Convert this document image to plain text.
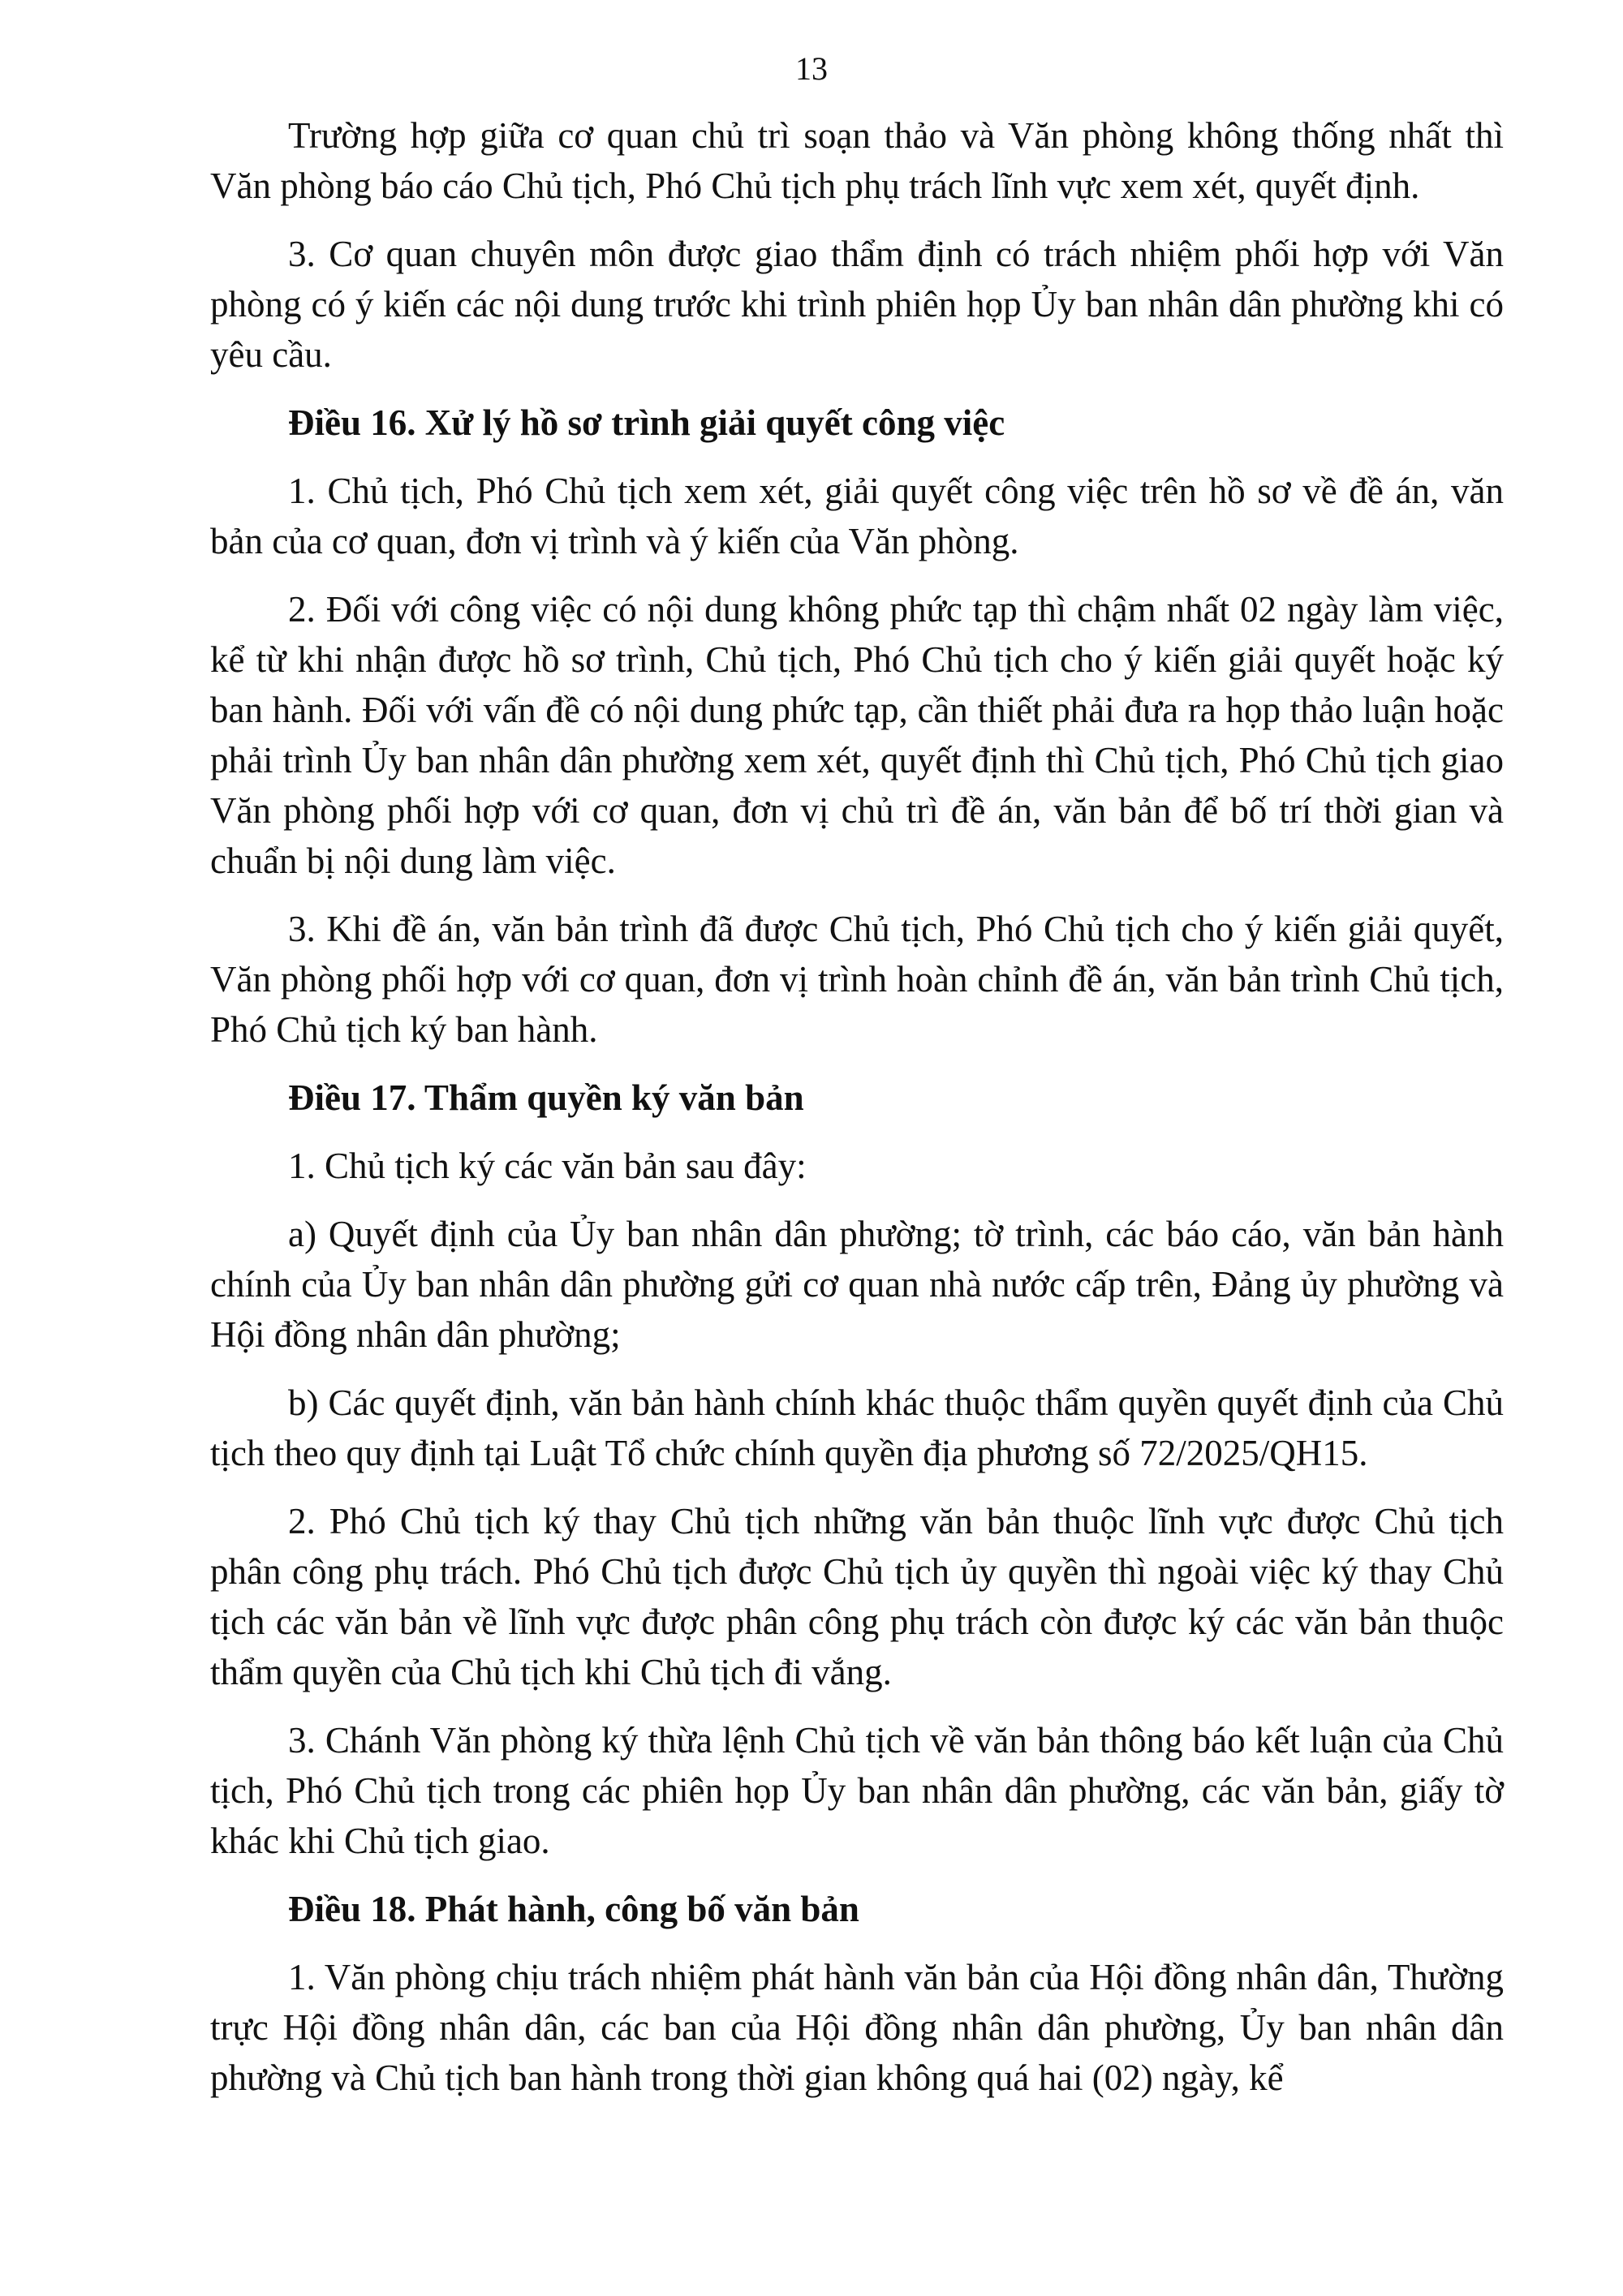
13

Trường hợp giữa cơ quan chủ trì soạn thảo và Văn phòng không thống nhất thì Văn phòng báo cáo Chủ tịch, Phó Chủ tịch phụ trách lĩnh vực xem xét, quyết định.

3. Cơ quan chuyên môn được giao thẩm định có trách nhiệm phối hợp với Văn phòng có ý kiến các nội dung trước khi trình phiên họp Ủy ban nhân dân phường khi có yêu cầu.

Điều 16. Xử lý hồ sơ trình giải quyết công việc

1. Chủ tịch, Phó Chủ tịch xem xét, giải quyết công việc trên hồ sơ về đề án, văn bản của cơ quan, đơn vị trình và ý kiến của Văn phòng.

2. Đối với công việc có nội dung không phức tạp thì chậm nhất 02 ngày làm việc, kể từ khi nhận được hồ sơ trình, Chủ tịch, Phó Chủ tịch cho ý kiến giải quyết hoặc ký ban hành. Đối với vấn đề có nội dung phức tạp, cần thiết phải đưa ra họp thảo luận hoặc phải trình Ủy ban nhân dân phường xem xét, quyết định thì Chủ tịch, Phó Chủ tịch giao Văn phòng phối hợp với cơ quan, đơn vị chủ trì đề án, văn bản để bố trí thời gian và chuẩn bị nội dung làm việc.

3. Khi đề án, văn bản trình đã được Chủ tịch, Phó Chủ tịch cho ý kiến giải quyết, Văn phòng phối hợp với cơ quan, đơn vị trình hoàn chỉnh đề án, văn bản trình Chủ tịch, Phó Chủ tịch ký ban hành.

Điều 17. Thẩm quyền ký văn bản

1. Chủ tịch ký các văn bản sau đây:

a) Quyết định của Ủy ban nhân dân phường; tờ trình, các báo cáo, văn bản hành chính của Ủy ban nhân dân phường gửi cơ quan nhà nước cấp trên, Đảng ủy phường và Hội đồng nhân dân phường;

b) Các quyết định, văn bản hành chính khác thuộc thẩm quyền quyết định của Chủ tịch theo quy định tại Luật Tổ chức chính quyền địa phương số 72/2025/QH15.

2. Phó Chủ tịch ký thay Chủ tịch những văn bản thuộc lĩnh vực được Chủ tịch phân công phụ trách. Phó Chủ tịch được Chủ tịch ủy quyền thì ngoài việc ký thay Chủ tịch các văn bản về lĩnh vực được phân công phụ trách còn được ký các văn bản thuộc thẩm quyền của Chủ tịch khi Chủ tịch đi vắng.

3. Chánh Văn phòng ký thừa lệnh Chủ tịch về văn bản thông báo kết luận của Chủ tịch, Phó Chủ tịch trong các phiên họp Ủy ban nhân dân phường, các văn bản, giấy tờ khác khi Chủ tịch giao.

Điều 18. Phát hành, công bố văn bản

1. Văn phòng chịu trách nhiệm phát hành văn bản của Hội đồng nhân dân, Thường trực Hội đồng nhân dân, các ban của Hội đồng nhân dân phường, Ủy ban nhân dân phường và Chủ tịch ban hành trong thời gian không quá hai (02) ngày, kể
